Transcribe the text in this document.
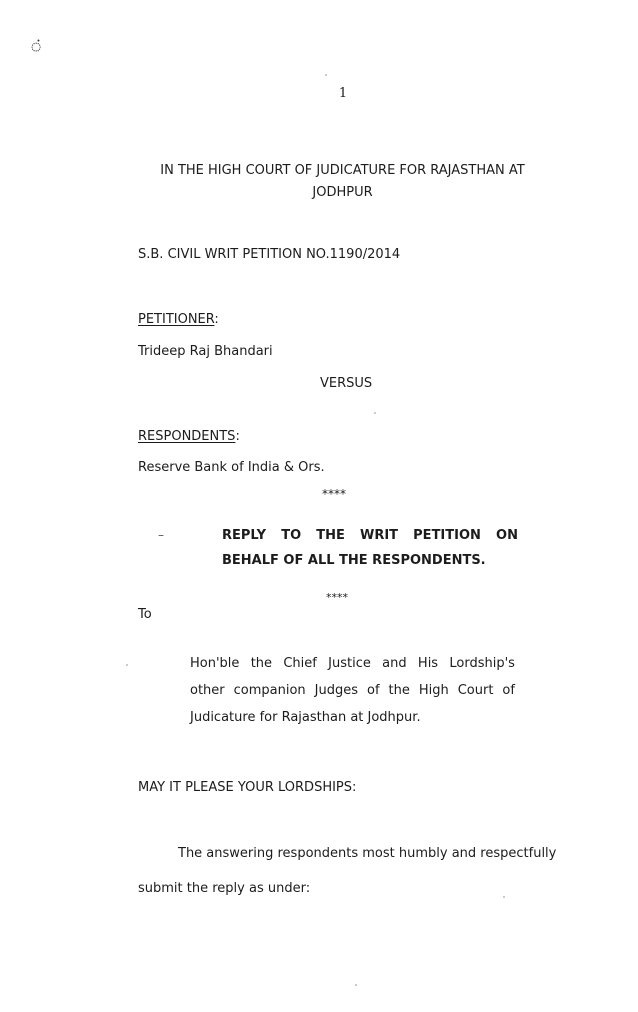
்
1
IN THE HIGH COURT OF JUDICATURE FOR RAJASTHAN AT JODHPUR
S.B. CIVIL WRIT PETITION NO.1190/2014
PETITIONER:
Trideep Raj Bhandari
VERSUS
RESPONDENTS:
Reserve Bank of India & Ors.
****
–	REPLY TO THE WRIT PETITION ON
BEHALF OF ALL THE RESPONDENTS.
****
To
Hon'ble the Chief Justice and His Lordship's
other companion Judges of the High Court of
Judicature for Rajasthan at Jodhpur.
MAY IT PLEASE YOUR LORDSHIPS:
The answering respondents most humbly and respectfully
submit the reply as under:
